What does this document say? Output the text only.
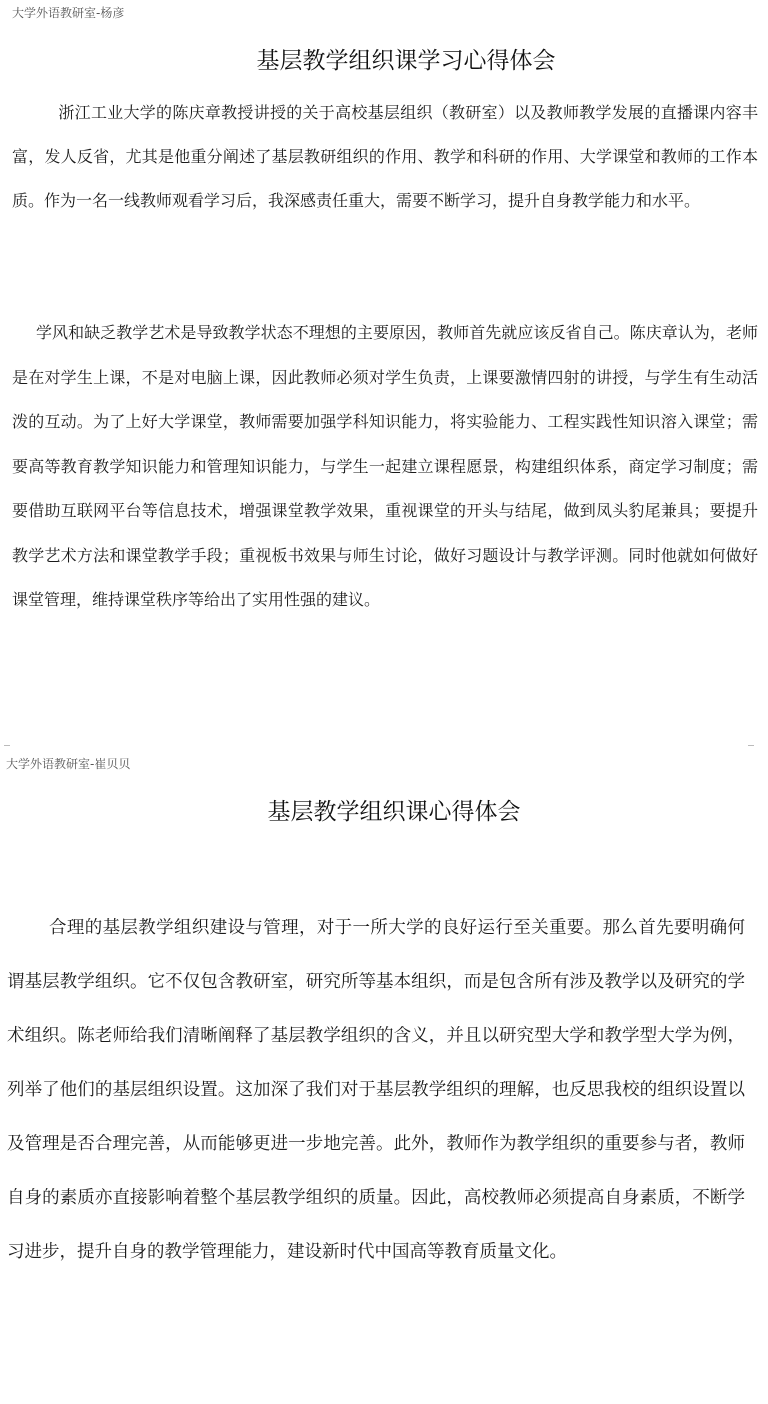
大学外语教研室-杨彦
基层教学组织课学习心得体会

浙江工业大学的陈庆章教授讲授的关于高校基层组织（教研室）以及教师教学发展的直播课内容丰富，发人反省，尤其是他重分阐述了基层教研组织的作用、教学和科研的作用、大学课堂和教师的工作本质。作为一名一线教师观看学习后，我深感责任重大，需要不断学习，提升自身教学能力和水平。

学风和缺乏教学艺术是导致教学状态不理想的主要原因，教师首先就应该反省自己。陈庆章认为，老师是在对学生上课，不是对电脑上课，因此教师必须对学生负责，上课要激情四射的讲授，与学生有生动活泼的互动。为了上好大学课堂，教师需要加强学科知识能力，将实验能力、工程实践性知识溶入课堂；需要高等教育教学知识能力和管理知识能力，与学生一起建立课程愿景，构建组织体系，商定学习制度；需要借助互联网平台等信息技术，增强课堂教学效果，重视课堂的开头与结尾，做到凤头豹尾兼具；要提升教学艺术方法和课堂教学手段；重视板书效果与师生讨论，做好习题设计与教学评测。同时他就如何做好课堂管理，维持课堂秩序等给出了实用性强的建议。

大学外语教研室-崔贝贝
基层教学组织课心得体会

合理的基层教学组织建设与管理，对于一所大学的良好运行至关重要。那么首先要明确何谓基层教学组织。它不仅包含教研室，研究所等基本组织，而是包含所有涉及教学以及研究的学术组织。陈老师给我们清晰阐释了基层教学组织的含义，并且以研究型大学和教学型大学为例，列举了他们的基层组织设置。这加深了我们对于基层教学组织的理解，也反思我校的组织设置以及管理是否合理完善，从而能够更进一步地完善。此外，教师作为教学组织的重要参与者，教师自身的素质亦直接影响着整个基层教学组织的质量。因此，高校教师必须提高自身素质，不断学习进步，提升自身的教学管理能力，建设新时代中国高等教育质量文化。
